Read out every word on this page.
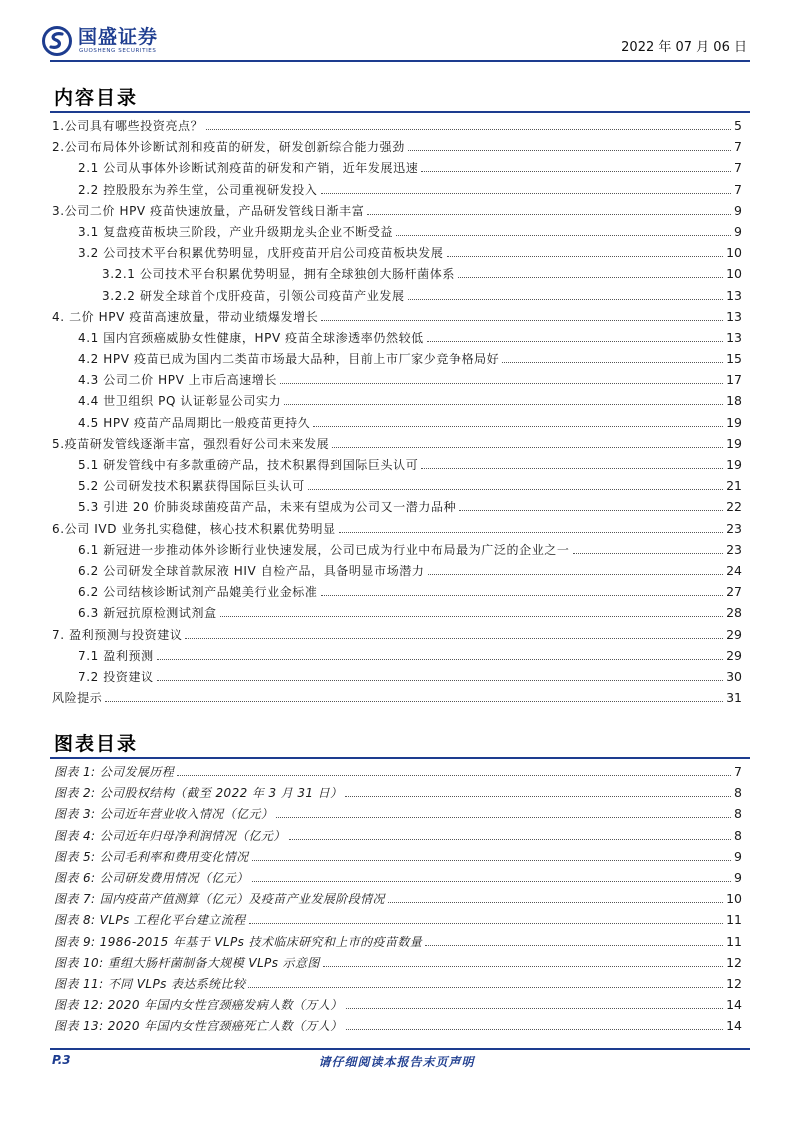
国盛证券
GUOSHENG SECURITIES	2022 年 07 月 06 日
内容目录
1.公司具有哪些投资亮点？	5
2.公司布局体外诊断试剂和疫苗的研发，研发创新综合能力强劲	7
2.1 公司从事体外诊断试剂疫苗的研发和产销，近年发展迅速	7
2.2 控股股东为养生堂，公司重视研发投入	7
3.公司二价 HPV 疫苗快速放量，产品研发管线日渐丰富	9
3.1 复盘疫苗板块三阶段，产业升级期龙头企业不断受益	9
3.2 公司技术平台积累优势明显，戊肝疫苗开启公司疫苗板块发展	10
3.2.1 公司技术平台积累优势明显，拥有全球独创大肠杆菌体系	10
3.2.2 研发全球首个戊肝疫苗，引领公司疫苗产业发展	13
4. 二价 HPV 疫苗高速放量，带动业绩爆发增长	13
4.1 国内宫颈癌威胁女性健康，HPV 疫苗全球渗透率仍然较低	13
4.2 HPV 疫苗已成为国内二类苗市场最大品种，目前上市厂家少竞争格局好	15
4.3 公司二价 HPV 上市后高速增长	17
4.4 世卫组织 PQ 认证彰显公司实力	18
4.5 HPV 疫苗产品周期比一般疫苗更持久	19
5.疫苗研发管线逐渐丰富，强烈看好公司未来发展	19
5.1 研发管线中有多款重磅产品，技术积累得到国际巨头认可	19
5.2 公司研发技术积累获得国际巨头认可	21
5.3 引进 20 价肺炎球菌疫苗产品，未来有望成为公司又一潜力品种	22
6.公司 IVD 业务扎实稳健，核心技术积累优势明显	23
6.1 新冠进一步推动体外诊断行业快速发展，公司已成为行业中布局最为广泛的企业之一	23
6.2 公司研发全球首款尿液 HIV 自检产品，具备明显市场潜力	24
6.2 公司结核诊断试剂产品媲美行业金标准	27
6.3 新冠抗原检测试剂盒	28
7. 盈利预测与投资建议	29
7.1 盈利预测	29
7.2 投资建议	30
风险提示	31
图表目录
图表 1: 公司发展历程	7
图表 2: 公司股权结构（截至 2022 年 3 月 31 日）	8
图表 3: 公司近年营业收入情况（亿元）	8
图表 4: 公司近年归母净利润情况（亿元）	8
图表 5: 公司毛利率和费用变化情况	9
图表 6: 公司研发费用情况（亿元）	9
图表 7: 国内疫苗产值测算（亿元）及疫苗产业发展阶段情况	10
图表 8: VLPs 工程化平台建立流程	11
图表 9: 1986-2015 年基于 VLPs 技术临床研究和上市的疫苗数量	11
图表 10: 重组大肠杆菌制备大规模 VLPs 示意图	12
图表 11: 不同 VLPs 表达系统比较	12
图表 12: 2020 年国内女性宫颈癌发病人数（万人）	14
图表 13: 2020 年国内女性宫颈癌死亡人数（万人）	14
P.3	请仔细阅读本报告末页声明
